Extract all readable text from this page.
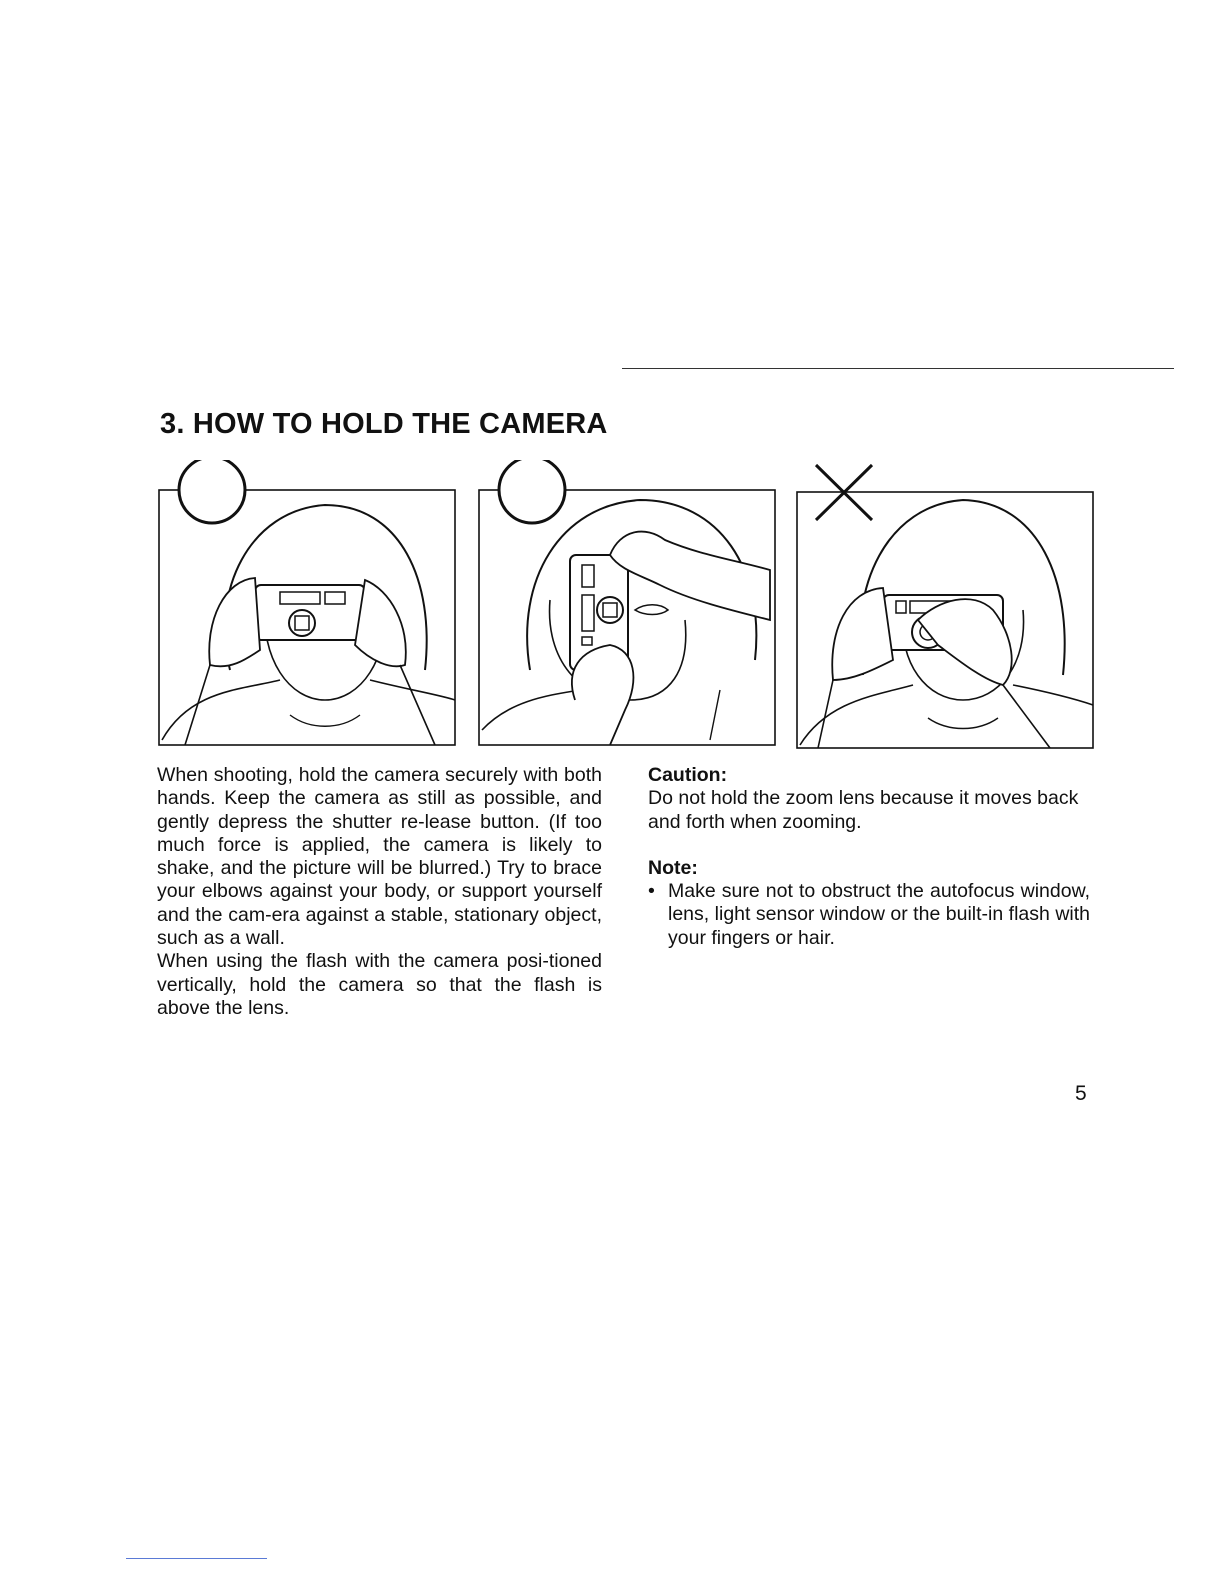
3. HOW TO HOLD THE CAMERA

When shooting, hold the camera securely with both hands. Keep the camera as still as possible, and gently depress the shutter re-lease button. (If too much force is applied, the camera is likely to shake, and the picture will be blurred.) Try to brace your elbows against your body, or support yourself and the cam-era against a stable, stationary object, such as a wall.

When using the flash with the camera posi-tioned vertically, hold the camera so that the flash is above the lens.

Caution:

Do not hold the zoom lens because it moves back and forth when zooming.

Note:

• Make sure not to obstruct the autofocus window, lens, light sensor window or the built-in flash with your fingers or hair.
5
